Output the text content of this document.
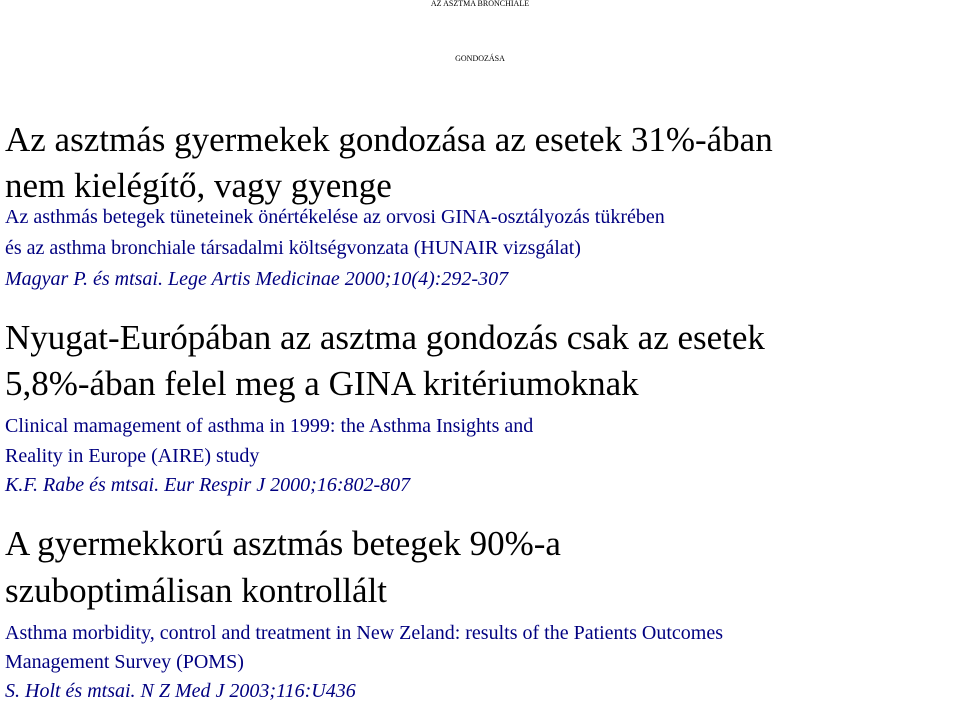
AZ ASZTMA BRONCHIALE
GONDOZÁSA
Az asztmás gyermekek gondozása az esetek 31%-ában
nem kielégítő, vagy gyenge
Az asthmás betegek tüneteinek önértékelése az orvosi GINA-osztályozás tükrében
és az asthma bronchiale társadalmi költségvonzata (HUNAIR vizsgálat)
Magyar P. és mtsai. Lege Artis Medicinae 2000;10(4):292-307
Nyugat-Európában az asztma gondozás csak az esetek
5,8%-ában felel meg a GINA kritériumoknak
Clinical mamagement of asthma in 1999: the Asthma Insights and
Reality in Europe (AIRE) study
K.F. Rabe és mtsai. Eur Respir J 2000;16:802-807
A gyermekkorú asztmás betegek 90%-a
szuboptimálisan kontrollált
Asthma morbidity, control and treatment in New Zeland: results of the Patients Outcomes
Management Survey (POMS)
S. Holt és mtsai. N Z Med J 2003;116:U436
